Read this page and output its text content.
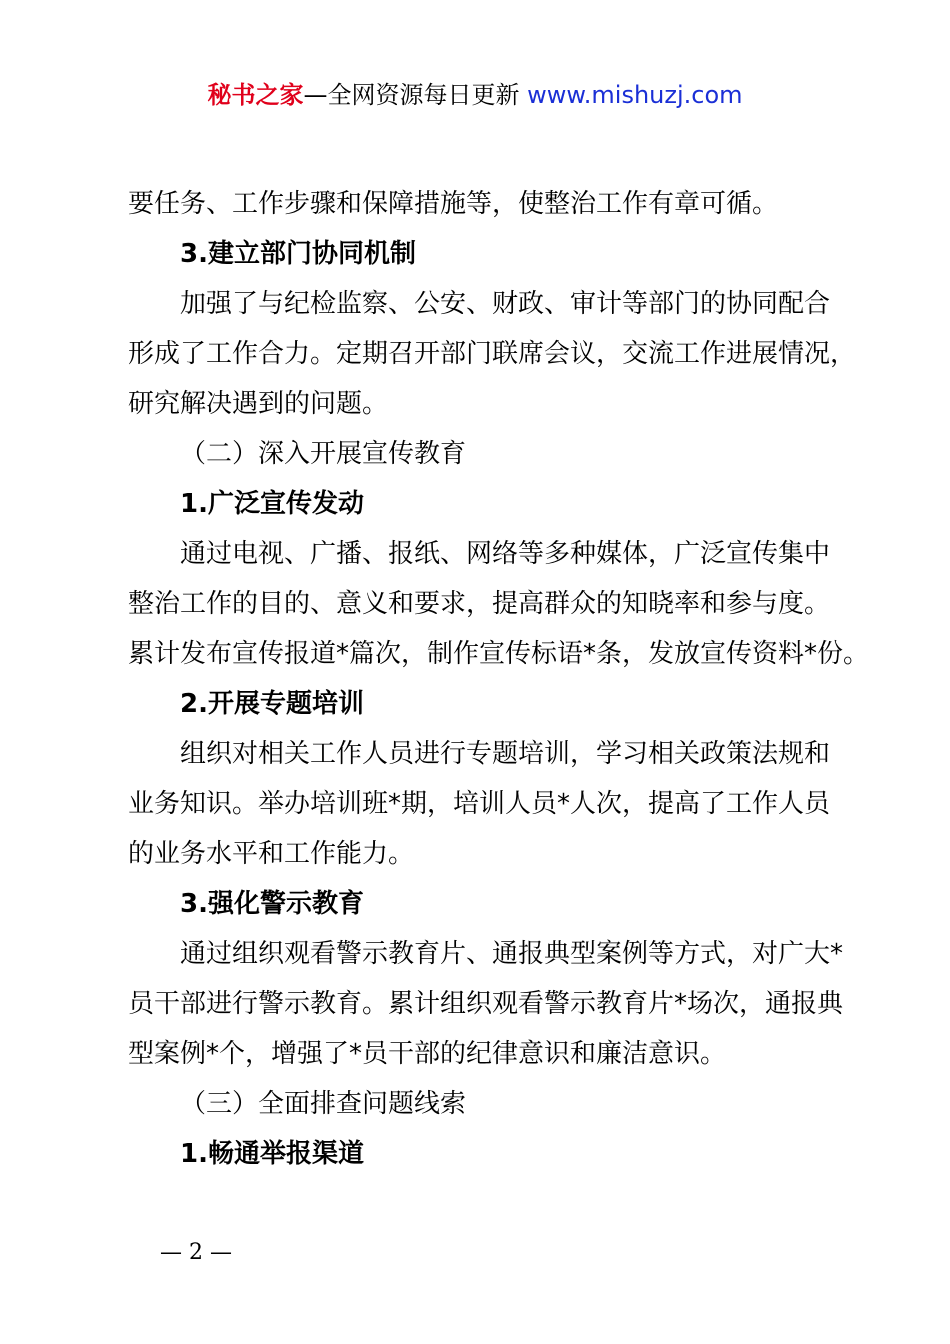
秘书之家—全网资源每日更新 www.mishuzj.com
要任务、工作步骤和保障措施等，使整治工作有章可循。
3.建立部门协同机制
加强了与纪检监察、公安、财政、审计等部门的协同配合
形成了工作合力。定期召开部门联席会议，交流工作进展情况，
研究解决遇到的问题。
（二）深入开展宣传教育
1.广泛宣传发动
通过电视、广播、报纸、网络等多种媒体，广泛宣传集中
整治工作的目的、意义和要求，提高群众的知晓率和参与度。
累计发布宣传报道*篇次，制作宣传标语*条，发放宣传资料*份。
2.开展专题培训
组织对相关工作人员进行专题培训，学习相关政策法规和
业务知识。举办培训班*期，培训人员*人次，提高了工作人员
的业务水平和工作能力。
3.强化警示教育
通过组织观看警示教育片、通报典型案例等方式，对广大*
员干部进行警示教育。累计组织观看警示教育片*场次，通报典
型案例*个，增强了*员干部的纪律意识和廉洁意识。
（三）全面排查问题线索
1.畅通举报渠道
— 2 —
